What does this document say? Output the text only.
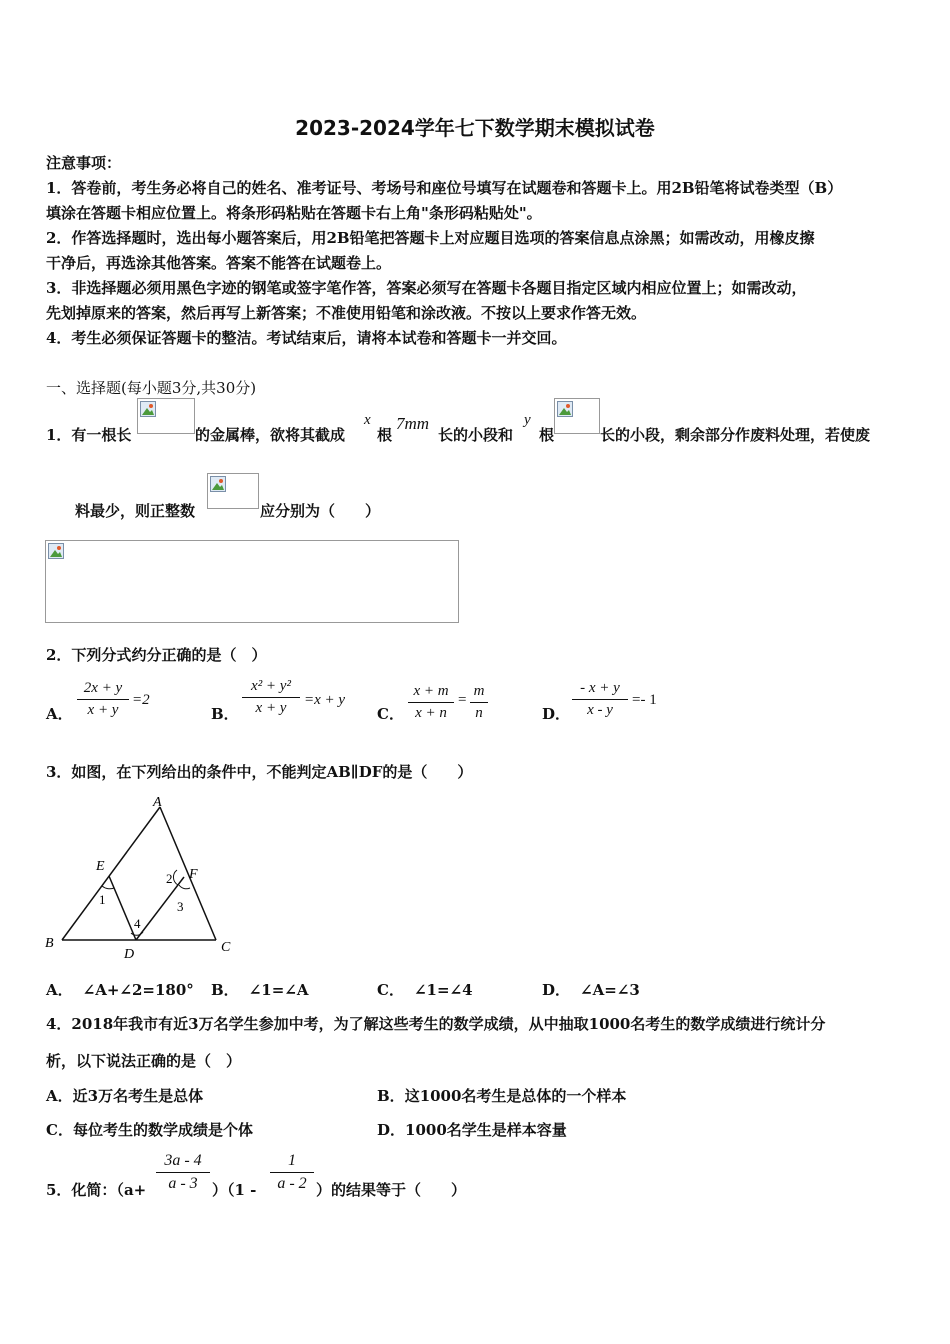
2023-2024学年七下数学期末模拟试卷
注意事项：
1．答卷前，考生务必将自己的姓名、准考证号、考场号和座位号填写在试题卷和答题卡上。用2B铅笔将试卷类型（B）
填涂在答题卡相应位置上。将条形码粘贴在答题卡右上角"条形码粘贴处"。
2．作答选择题时，选出每小题答案后，用2B铅笔把答题卡上对应题目选项的答案信息点涂黑；如需改动，用橡皮擦
干净后，再选涂其他答案。答案不能答在试题卷上。
3．非选择题必须用黑色字迹的钢笔或签字笔作答，答案必须写在答题卡各题目指定区域内相应位置上；如需改动，
先划掉原来的答案，然后再写上新答案；不准使用铅笔和涂改液。不按以上要求作答无效。
4．考生必须保证答题卡的整洁。考试结束后，请将本试卷和答题卡一并交回。
一、选择题(每小题3分,共30分)
1．有一根长	的金属棒，欲将其截成
x
根
7mm
长的小段和
y
根	长的小段，剩余部分作废料处理，若使废
料最少，则正整数	应分别为（　　）
2．下列分式约分正确的是（　）
A．
2x + y
x + y
=2
B．
x² + y²
x + y	=x + y
C．
x + m
x + n
=
m
n	D．
- x + y
x - y
=- 1
3．如图，在下列给出的条件中，不能判定AB∥DF的是（　　）
A
B	C
D
E
F
1
2
3
4
A． ∠A+∠2=180° B． ∠1=∠A	C． ∠1=∠4	D． ∠A=∠3
4．2018年我市有近3万名学生参加中考，为了解这些考生的数学成绩，从中抽取1000名考生的数学成绩进行统计分
析，以下说法正确的是（　）
A．近3万名考生是总体	B．这1000名考生是总体的一个样本
C．每位考生的数学成绩是个体	D．1000名学生是样本容量
5．化简：（a+
3a - 4
a - 3 ）（1 -
1
a - 2 ）的结果等于（　　）
